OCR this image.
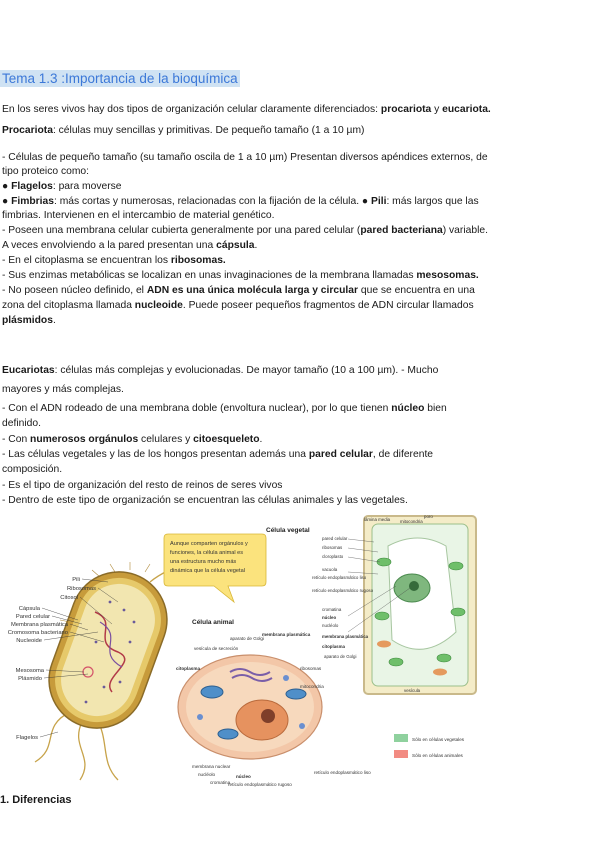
Tema 1.3 :Importancia de la bioquímica
En los seres vivos hay dos tipos de organización celular claramente diferenciados: procariota y eucariota.
Procariota: células muy sencillas y primitivas. De pequeño tamaño (1 a 10 µm)
- Células de pequeño tamaño (su tamaño oscila de 1 a 10 µm) Presentan diversos apéndices externos, de
tipo proteico como:
● Flagelos: para moverse
● Fimbrias: más cortas y numerosas, relacionadas con la fijación de la célula. ● Pili: más largos que las
fimbrias. Intervienen en el intercambio de material genético.
- Poseen una membrana celular cubierta generalmente por una pared celular (pared bacteriana) variable.
A veces envolviendo a la pared presentan una cápsula.
- En el citoplasma se encuentran los ribosomas.
- Sus enzimas metabólicas se localizan en unas invaginaciones de la membrana llamadas mesosomas.
- No poseen núcleo definido, el ADN es una única molécula larga y circular que se encuentra en una
zona del citoplasma llamada nucleoide. Puede poseer pequeños fragmentos de ADN circular llamados
plásmidos.
Eucariotas: células más complejas y evolucionadas. De mayor tamaño (10 a 100 µm). - Mucho
mayores y más complejas.
- Con el ADN rodeado de una membrana doble (envoltura nuclear), por lo que tienen núcleo bien
definido.
- Con numerosos orgánulos celulares y citoesqueleto.
- Las células vegetales y las de los hongos presentan además una pared celular, de diferente
composición.
- Es el tipo de organización del resto de reinos de seres vivos
- Dentro de este tipo de organización se encuentran las células animales y las vegetales.
Pili
Ribosomas
Citosol
Cápsula
Pared celular
Membrana plasmática
Cromosoma bacteriano
Nucleoide
Mesosoma
Plásmido
Flagelos
Aunque comparten orgánulos y
funciones, la célula animal es
una estructura mucho más
dinámica que la célula vegetal
Célula animal
aparato de Golgi
membrana plasmática
vesícula de secreción
citoplasma	ribosomas
mitocondria
membrana nuclear
nucléolo
cromatina
núcleo
retículo endoplasmático rugoso
retículo endoplasmático liso
Célula vegetal
lámina media
poro
mitocondria
pared celular
ribosomas
cloroplasto
vacuola
retículo endoplasmático liso
retículo endoplasmático rugoso
cromatina
núcleo
nucléolo
membrana plasmática
citoplasma
aparato de Golgi
vesícula
Sólo en células vegetales
Sólo en células animales
1. Diferencias
